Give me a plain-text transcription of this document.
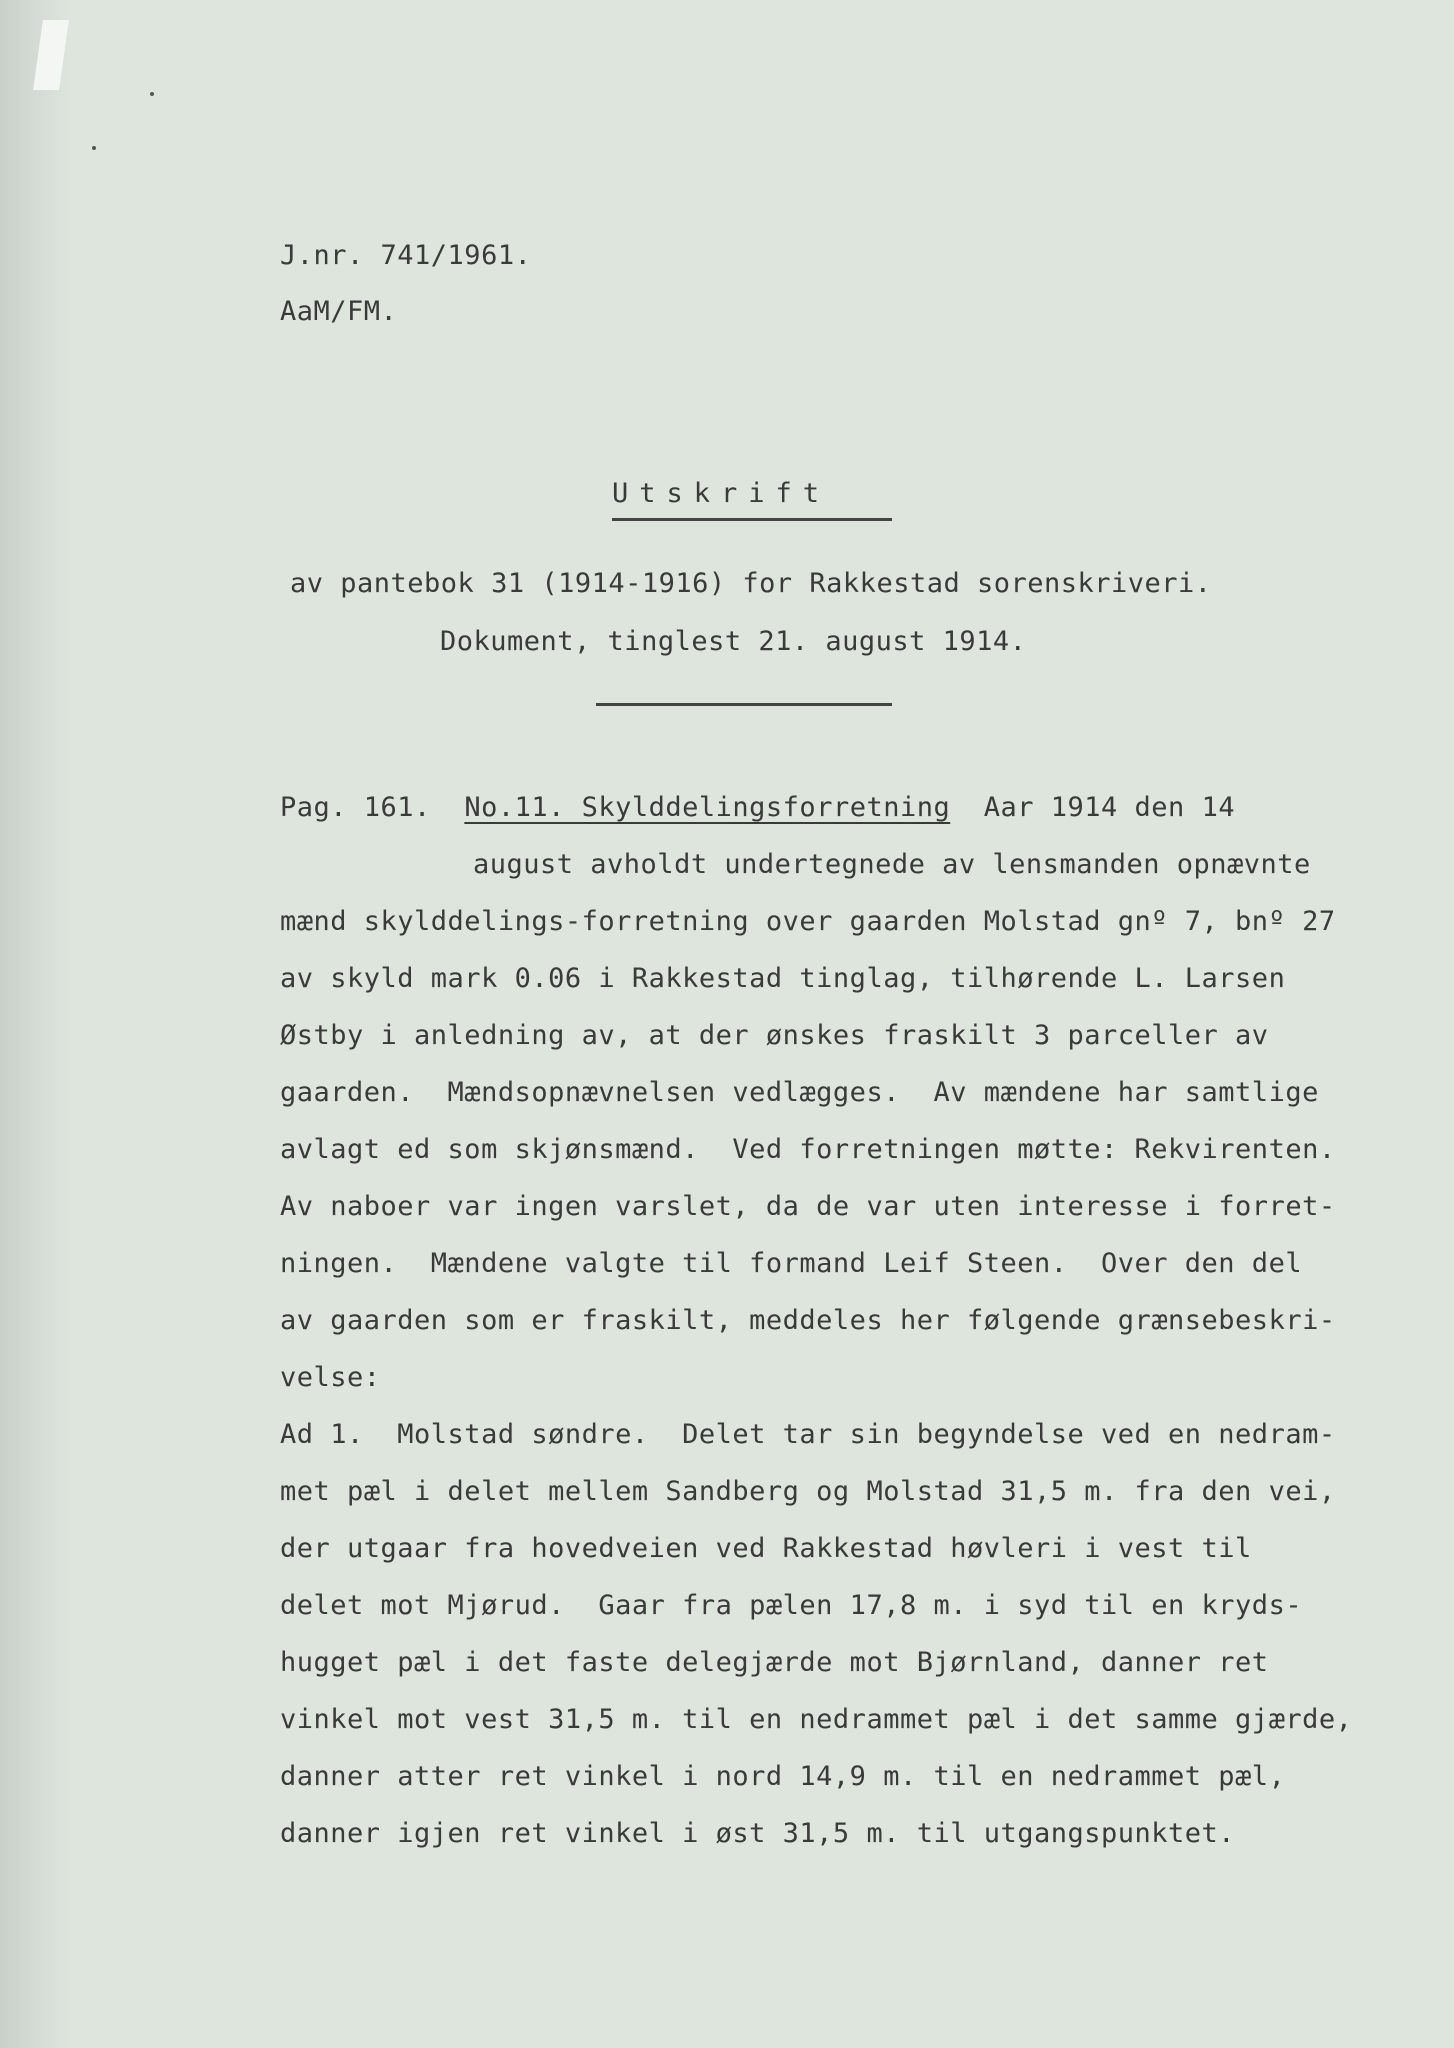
J.nr. 741/1961.
AaM/FM.
Utskrift
av pantebok 31 (1914-1916) for Rakkestad sorenskriveri.
Dokument, tinglest 21. august 1914.
Pag. 161. No.11. Skylddelingsforretning Aar 1914 den 14
august avholdt undertegnede av lensmanden opnævnte
mænd skylddelings-forretning over gaarden Molstad gnº 7, bnº 27
av skyld mark 0.06 i Rakkestad tinglag, tilhørende L. Larsen
Østby i anledning av, at der ønskes fraskilt 3 parceller av
gaarden.  Mændsopnævnelsen vedlægges.  Av mændene har samtlige
avlagt ed som skjønsmænd.  Ved forretningen møtte: Rekvirenten.
Av naboer var ingen varslet, da de var uten interesse i forret-
ningen.  Mændene valgte til formand Leif Steen.  Over den del
av gaarden som er fraskilt, meddeles her følgende grænsebeskri-
velse:
Ad 1.  Molstad søndre.  Delet tar sin begyndelse ved en nedram-
met pæl i delet mellem Sandberg og Molstad 31,5 m. fra den vei,
der utgaar fra hovedveien ved Rakkestad høvleri i vest til
delet mot Mjørud.  Gaar fra pælen 17,8 m. i syd til en kryds-
hugget pæl i det faste delegjærde mot Bjørnland, danner ret
vinkel mot vest 31,5 m. til en nedrammet pæl i det samme gjærde,
danner atter ret vinkel i nord 14,9 m. til en nedrammet pæl,
danner igjen ret vinkel i øst 31,5 m. til utgangspunktet.
